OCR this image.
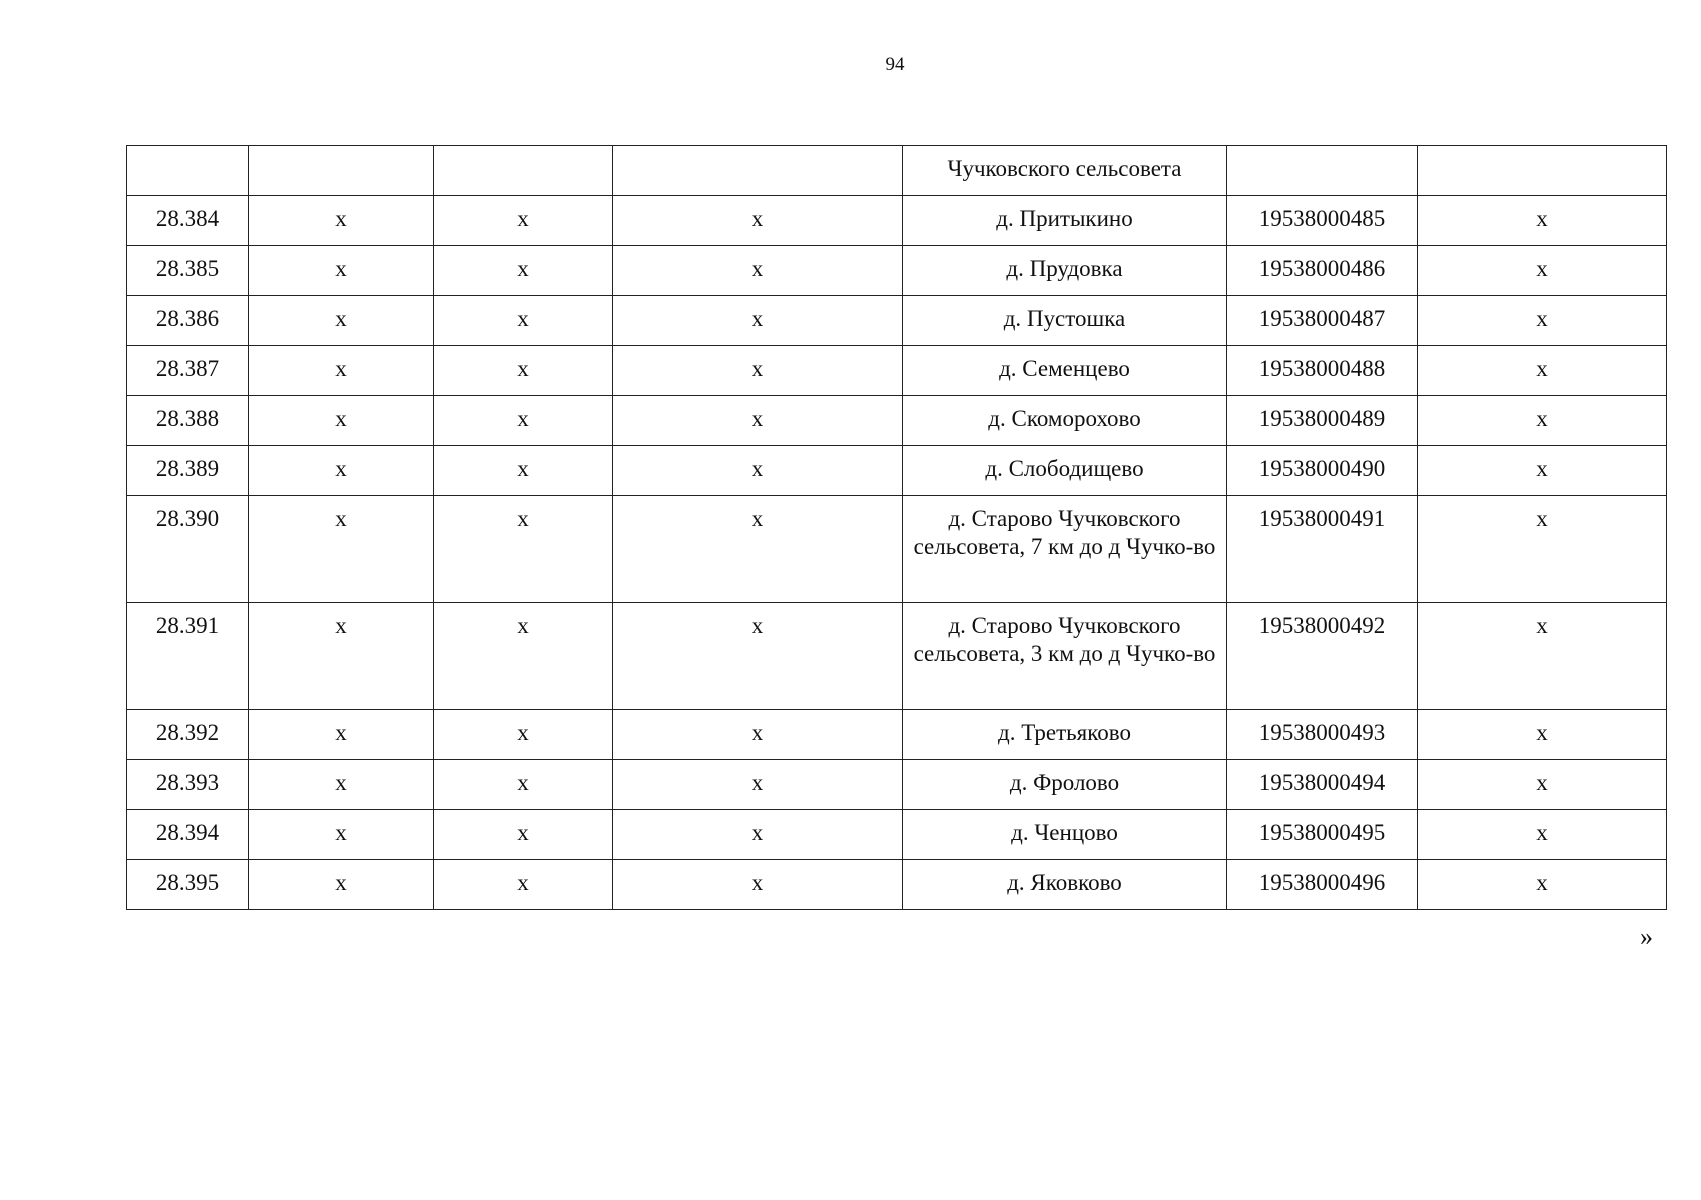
94
				Чучковского сельсовета		
28.384	х	х	х	д. Притыкино	19538000485	х
28.385	х	х	х	д. Прудовка	19538000486	х
28.386	х	х	х	д. Пустошка	19538000487	х
28.387	х	х	х	д. Семенцево	19538000488	х
28.388	х	х	х	д. Скоморохово	19538000489	х
28.389	х	х	х	д. Слободищево	19538000490	х
28.390	х	х	х	д. Старово Чучковского сельсовета, 7 км до д Чучко-во	19538000491	х
28.391	х	х	х	д. Старово Чучковского сельсовета, 3 км до д Чучко-во	19538000492	х
28.392	х	х	х	д. Третьяково	19538000493	х
28.393	х	х	х	д. Фролово	19538000494	х
28.394	х	х	х	д. Ченцово	19538000495	х
28.395	х	х	х	д. Яковково	19538000496	х
»
